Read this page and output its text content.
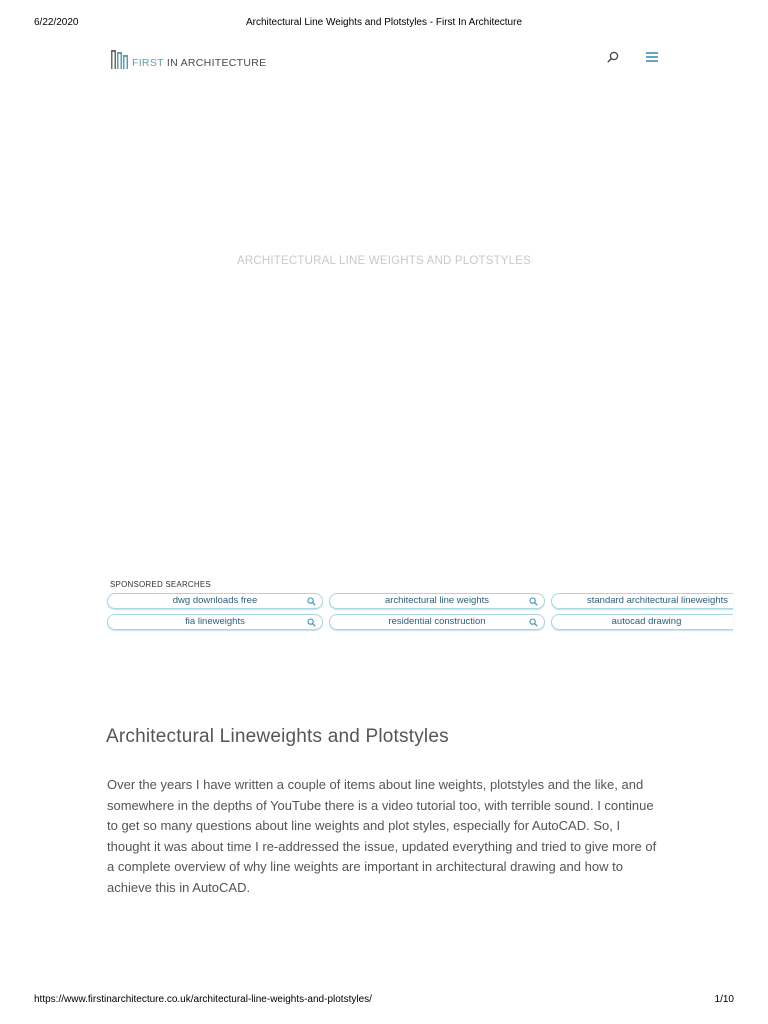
6/22/2020	Architectural Line Weights and Plotstyles - First In Architecture
FIRST IN ARCHITECTURE
ARCHITECTURAL LINE WEIGHTS AND PLOTSTYLES
SPONSORED SEARCHES
dwg downloads free	architectural line weights	standard architectural lineweights
fia lineweights	residential construction	autocad drawing
Architectural Lineweights and Plotstyles

Over the years I have written a couple of items about line weights, plotstyles and the like, and somewhere in the depths of YouTube there is a video tutorial too, with terrible sound. I continue to get so many questions about line weights and plot styles, especially for AutoCAD. So, I thought it was about time I re-addressed the issue, updated everything and tried to give more of a complete overview of why line weights are important in architectural drawing and how to achieve this in AutoCAD.

https://www.firstinarchitecture.co.uk/architectural-line-weights-and-plotstyles/	1/10
